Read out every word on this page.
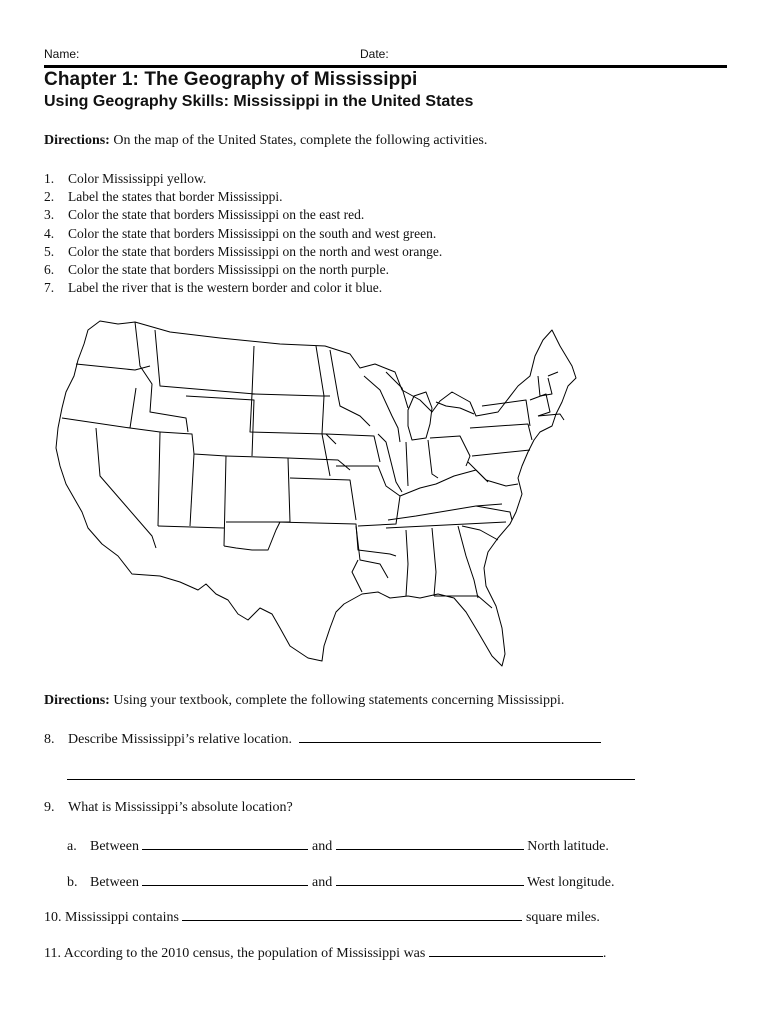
Name:	Date:
Chapter 1: The Geography of Mississippi
Using Geography Skills: Mississippi in the United States
Directions: On the map of the United States, complete the following activities.
1. Color Mississippi yellow.
2. Label the states that border Mississippi.
3. Color the state that borders Mississippi on the east red.
4. Color the state that borders Mississippi on the south and west green.
5. Color the state that borders Mississippi on the north and west orange.
6. Color the state that borders Mississippi on the north purple.
7. Label the river that is the western border and color it blue.
Directions: Using your textbook, complete the following statements concerning Mississippi.
8. Describe Mississippi’s relative location.
9. What is Mississippi’s absolute location?
a. Between	and	North latitude.
b. Between	and	West longitude.
10. Mississippi contains	square miles.
11. According to the 2010 census, the population of Mississippi was	.
